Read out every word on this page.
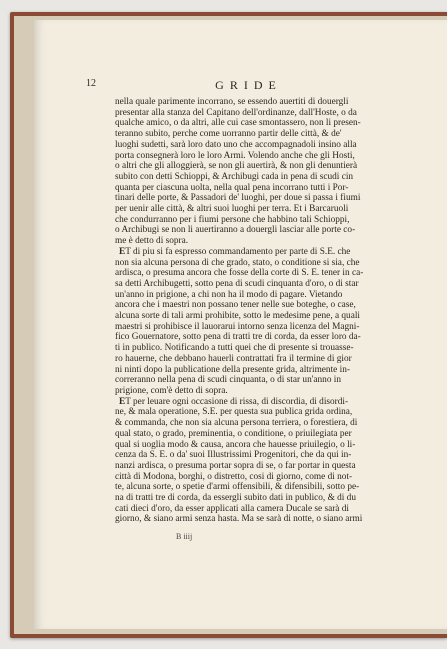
12	GRIDE
nella quale parimente incorrano, se essendo auertiti di douergli
presentar alla stanza del Capitano dell'ordinanze, dall'Hoste, o da
qualche amico, o da altri, alle cui case smontassero, non li presen-
teranno subito, perche come uorranno partir delle città, & de'
luoghi sudetti, sarà loro dato uno che accompagnadoli insino alla
porta consegnerà loro le loro Armi. Volendo anche che gli Hosti,
o altri che gli alloggierà, se non gli auertirà, & non gli denuntierà
subito con detti Schioppi, & Archibugi cada in pena di scudi cin
quanta per ciascuna uolta, nella qual pena incorrano tutti i Por-
tinari delle porte, & Passadori de' luoghi, per doue si passa i fiumi
per uenir alle città, & altri suoi luoghi per terra. Et i Barcaruoli
che condurranno per i fiumi persone che habbino tali Schioppi,
o Archibugi se non li auertiranno a douergli lasciar alle porte co-
me è detto di sopra.
ET di piu si fa espresso commandamento per parte di S.E. che
non sia alcuna persona di che grado, stato, o conditione si sia, che
ardisca, o presuma ancora che fosse della corte di S. E. tener in ca-
sa detti Archibugetti, sotto pena di scudi cinquanta d'oro, o di star
un'anno in prigione, a chi non ha il modo di pagare. Vietando
ancora che i maestri non possano tener nelle sue boteghe, o case,
alcuna sorte di tali armi prohibite, sotto le medesime pene, a quali
maestri si prohibisce il lauorarui intorno senza licenza del Magni-
fico Gouernatore, sotto pena di tratti tre di corda, da esser loro da-
ti in publico. Notificando a tutti quei che di presente si trouasse-
ro hauerne, che debbano hauerli contrattati fra il termine di gior
ni ninti dopo la publicatione della presente grida, altrimente in-
correranno nella pena di scudi cinquanta, o di star un'anno in
prigione, com'è detto di sopra.
ET per leuare ogni occasione di rissa, di discordia, di disordi-
ne, & mala operatione, S.E. per questa sua publica grida ordina,
& commanda, che non sia alcuna persona terriera, o forestiera, di
qual stato, o grado, preminentia, o conditione, o priuilegiata per
qual si uoglia modo & causa, ancora che hauesse priuilegio, o li-
cenza da S. E. o da' suoi Illustrissimi Progenitori, che da qui in-
nanzi ardisca, o presuma portar sopra di se, o far portar in questa
città di Modona, borghi, o distretto, cosi di giorno, come di not-
te, alcuna sorte, o spetie d'armi offensibili, & difensibili, sotto pe-
na di tratti tre di corda, da essergli subito dati in publico, & di du
cati dieci d'oro, da esser applicati alla camera Ducale se sarà di
giorno, & siano armi senza hasta. Ma se sarà di notte, o siano armi
B iiij
